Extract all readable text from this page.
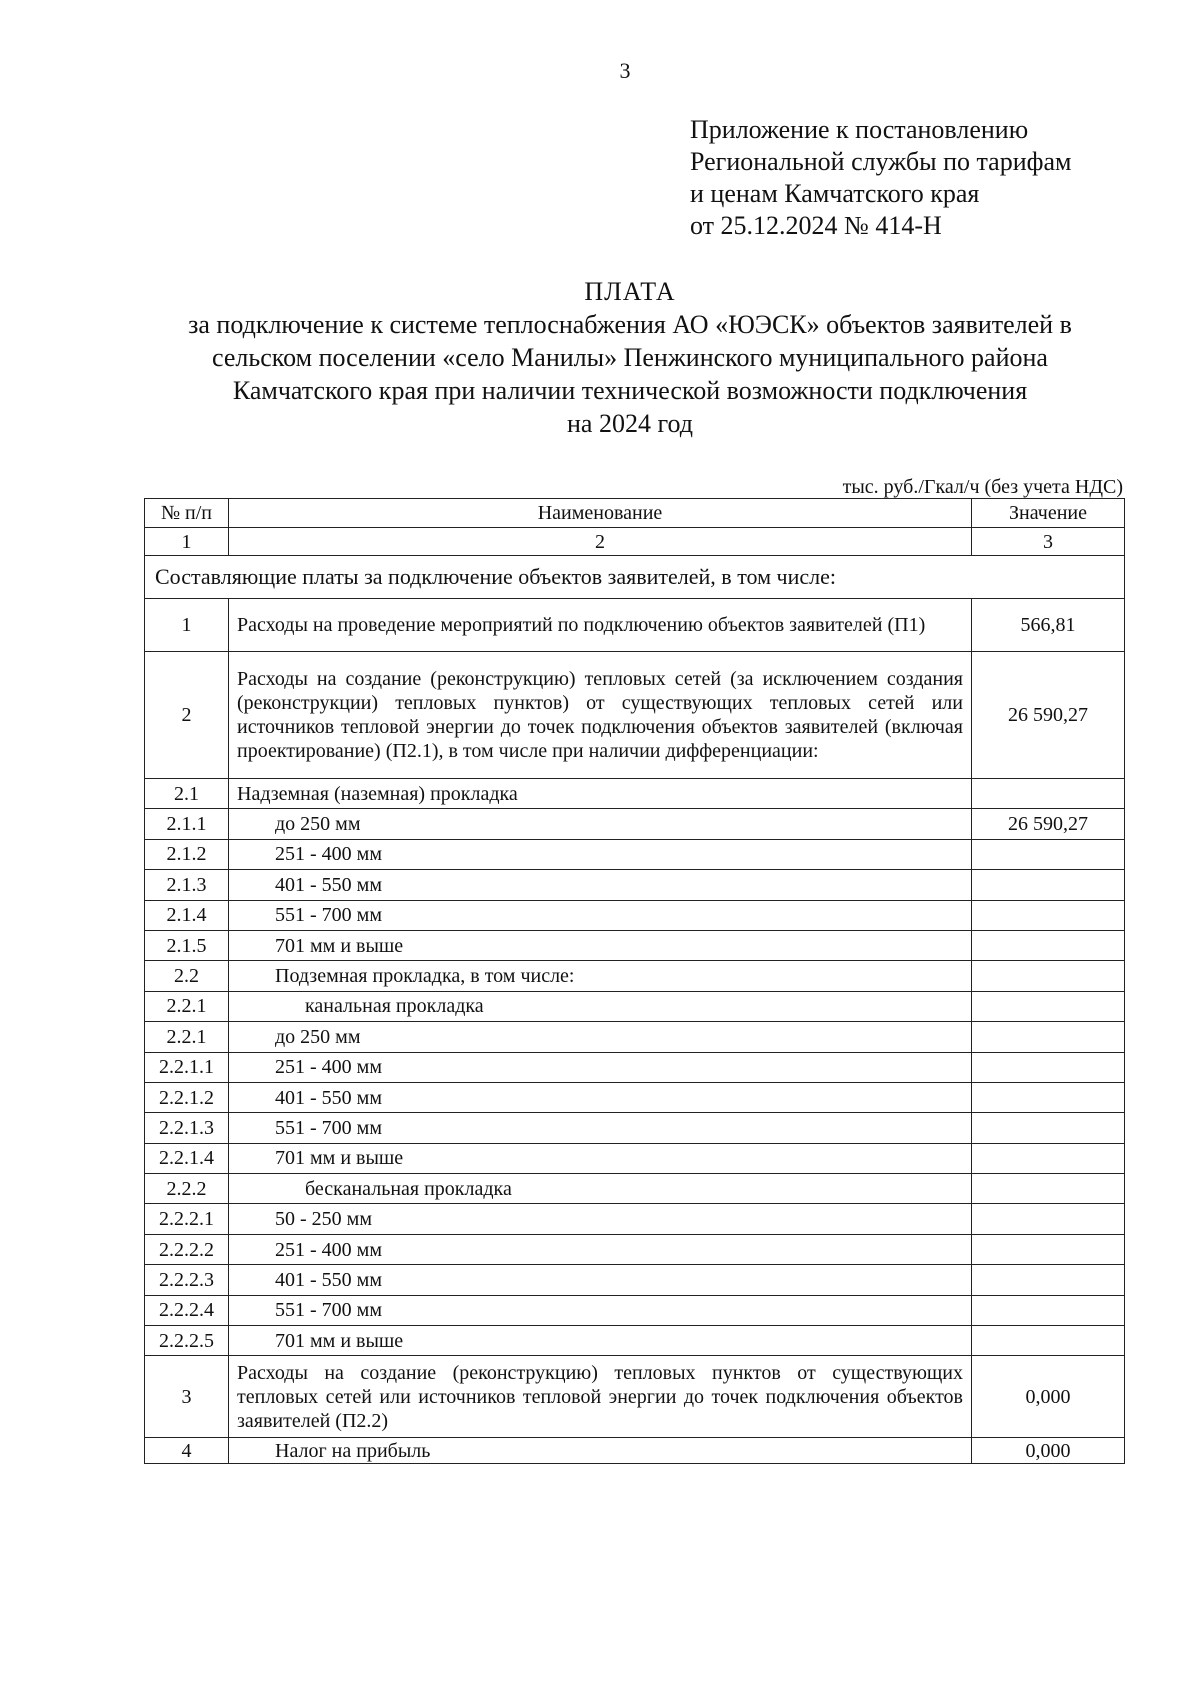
3
Приложение к постановлению
Региональной службы по тарифам
и ценам Камчатского края
от 25.12.2024 № 414-Н
ПЛАТА
за подключение к системе теплоснабжения АО «ЮЭСК» объектов заявителей в
сельском поселении «село Манилы» Пенжинского муниципального района
Камчатского края при наличии технической возможности подключения
на 2024 год
тыс. руб./Гкал/ч (без учета НДС)
№ п/п	Наименование	Значение
1	2	3
Составляющие платы за подключение объектов заявителей, в том числе:		
1	Расходы на проведение мероприятий по подключению объектов заявителей (П1)	566,81
2	Расходы на создание (реконструкцию) тепловых сетей (за исключением создания (реконструкции) тепловых пунктов) от существующих тепловых сетей или источников тепловой энергии до точек подключения объектов заявителей (включая проектирование) (П2.1), в том числе при наличии дифференциации:	26 590,27
2.1	Надземная (наземная) прокладка	
2.1.1	до 250 мм	26 590,27
2.1.2	251 - 400 мм	
2.1.3	401 - 550 мм	
2.1.4	551 - 700 мм	
2.1.5	701 мм и выше	
2.2	Подземная прокладка, в том числе:	
2.2.1	канальная прокладка	
2.2.1	до 250 мм	
2.2.1.1	251 - 400 мм	
2.2.1.2	401 - 550 мм	
2.2.1.3	551 - 700 мм	
2.2.1.4	701 мм и выше	
2.2.2	бесканальная прокладка	
2.2.2.1	50 - 250 мм	
2.2.2.2	251 - 400 мм	
2.2.2.3	401 - 550 мм	
2.2.2.4	551 - 700 мм	
2.2.2.5	701 мм и выше	
3	Расходы на создание (реконструкцию) тепловых пунктов от существующих тепловых сетей или источников тепловой энергии до точек подключения объектов заявителей (П2.2)	0,000
4	Налог на прибыль	0,000
